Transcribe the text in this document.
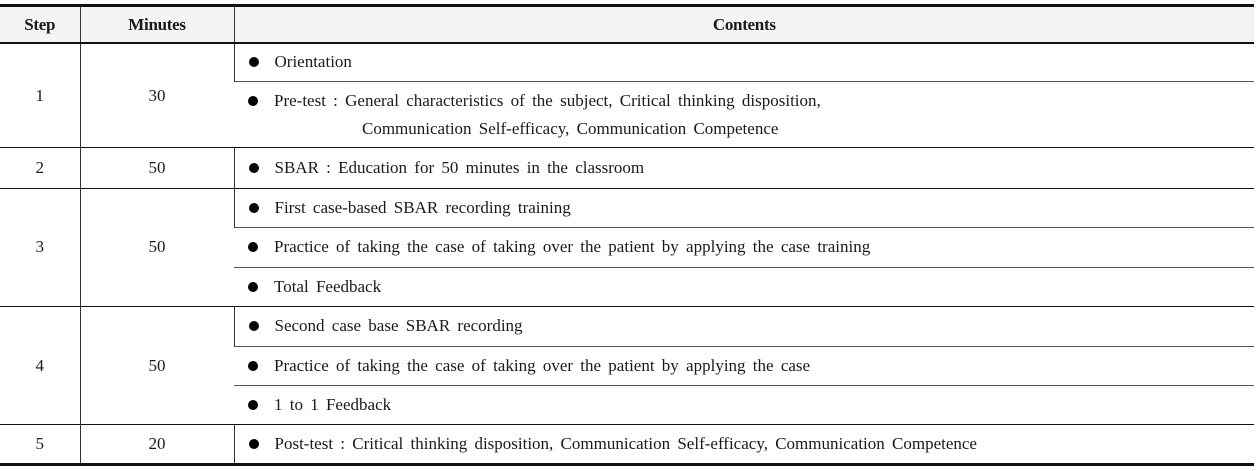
Step	Minutes	Contents
1	30	Orientation

		Pre-test : General characteristics of the subject, Critical thinking disposition,
Communication Self-efficacy, Communication Competence

2	50	SBAR : Education for 50 minutes in the classroom

3	50	First case-based SBAR recording training

		Practice of taking the case of taking over the patient by applying the case training

		Total Feedback

4	50	Second case base SBAR recording

		Practice of taking the case of taking over the patient by applying the case

		1 to 1 Feedback

5	20	Post-test : Critical thinking disposition, Communication Self-efficacy, Communication Competence
